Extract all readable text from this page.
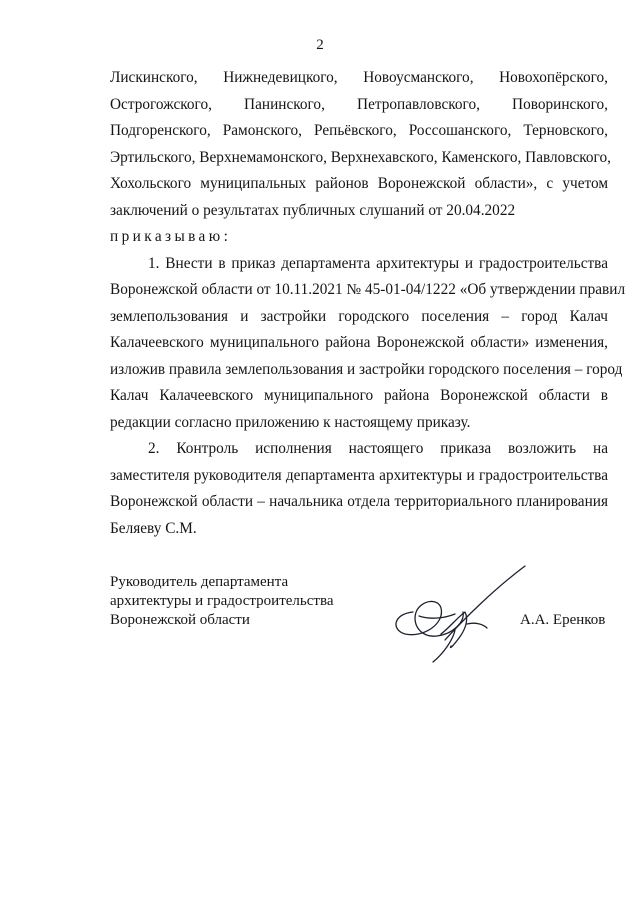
2
Лискинского, Нижнедевицкого, Новоусманского, Новохопёрского,
Острогожского, Панинского, Петропавловского, Поворинского,
Подгоренского, Рамонского, Репьёвского, Россошанского, Терновского,
Эртильского, Верхнемамонского, Верхнехавского, Каменского, Павловского,
Хохольского муниципальных районов Воронежской области», с учетом
заключений о результатах публичных слушаний от 20.04.2022
приказываю:
1. Внести в приказ департамента архитектуры и градостроительства
Воронежской области от 10.11.2021 № 45-01-04/1222 «Об утверждении правил
землепользования и застройки городского поселения – город Калач
Калачеевского муниципального района Воронежской области» изменения,
изложив правила землепользования и застройки городского поселения – город
Калач Калачеевского муниципального района Воронежской области в
редакции согласно приложению к настоящему приказу.
2. Контроль исполнения настоящего приказа возложить на
заместителя руководителя департамента архитектуры и градостроительства
Воронежской области – начальника отдела территориального планирования
Беляеву С.М.
Руководитель департамента
архитектуры и градостроительства
Воронежской области	А.А. Еренков
